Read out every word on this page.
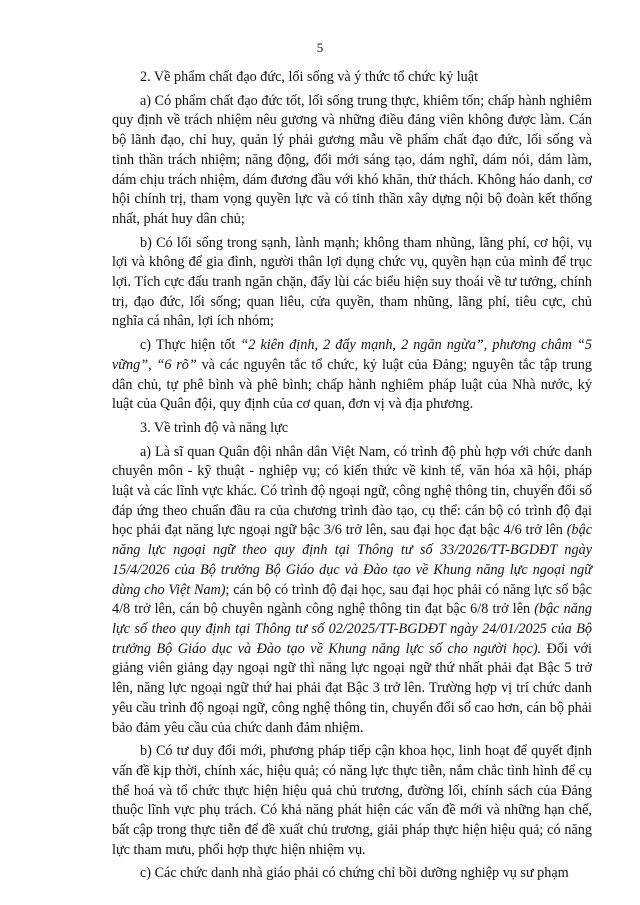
5

2. Về phẩm chất đạo đức, lối sống và ý thức tổ chức kỷ luật

a) Có phẩm chất đạo đức tốt, lối sống trung thực, khiêm tốn; chấp hành nghiêm quy định về trách nhiệm nêu gương và những điều đảng viên không được làm. Cán bộ lãnh đạo, chỉ huy, quản lý phải gương mẫu về phẩm chất đạo đức, lối sống và tinh thần trách nhiệm; năng động, đổi mới sáng tạo, dám nghĩ, dám nói, dám làm, dám chịu trách nhiệm, dám đương đầu với khó khăn, thử thách. Không háo danh, cơ hội chính trị, tham vọng quyền lực và có tinh thần xây dựng nội bộ đoàn kết thống nhất, phát huy dân chủ;

b) Có lối sống trong sạnh, lành mạnh; không tham nhũng, lãng phí, cơ hội, vụ lợi và không để gia đình, người thân lợi dụng chức vụ, quyền hạn của mình để trục lợi. Tích cực đấu tranh ngăn chặn, đẩy lùi các biểu hiện suy thoái về tư tưởng, chính trị, đạo đức, lối sống; quan liêu, cửa quyền, tham nhũng, lãng phí, tiêu cực, chủ nghĩa cá nhân, lợi ích nhóm;

c) Thực hiện tốt “2 kiên định, 2 đẩy mạnh, 2 ngăn ngừa”, phương châm “5 vững”, “6 rõ” và các nguyên tắc tổ chức, kỷ luật của Đảng; nguyên tắc tập trung dân chủ, tự phê bình và phê bình; chấp hành nghiêm pháp luật của Nhà nước, kỷ luật của Quân đội, quy định của cơ quan, đơn vị và địa phương.

3. Về trình độ và năng lực

a) Là sĩ quan Quân đội nhân dân Việt Nam, có trình độ phù hợp với chức danh chuyên môn - kỹ thuật - nghiệp vụ; có kiến thức về kinh tế, văn hóa xã hội, pháp luật và các lĩnh vực khác. Có trình độ ngoại ngữ, công nghệ thông tin, chuyển đổi số đáp ứng theo chuẩn đầu ra của chương trình đào tạo, cụ thể: cán bộ có trình độ đại học phải đạt năng lực ngoại ngữ bậc 3/6 trở lên, sau đại học đạt bậc 4/6 trở lên (bậc năng lực ngoại ngữ theo quy định tại Thông tư số 33/2026/TT-BGDĐT ngày 15/4/2026 của Bộ trưởng Bộ Giáo dục và Đào tạo về Khung năng lực ngoại ngữ dùng cho Việt Nam); cán bộ có trình độ đại học, sau đại học phải có năng lực số bậc 4/8 trở lên, cán bộ chuyên ngành công nghệ thông tin đạt bậc 6/8 trở lên (bậc năng lực số theo quy định tại Thông tư số 02/2025/TT-BGDĐT ngày 24/01/2025 của Bộ trưởng Bộ Giáo dục và Đào tạo về Khung năng lực số cho người học). Đối với giảng viên giảng dạy ngoại ngữ thì năng lực ngoại ngữ thứ nhất phải đạt Bậc 5 trở lên, năng lực ngoại ngữ thứ hai phải đạt Bậc 3 trở lên. Trường hợp vị trí chức danh yêu cầu trình độ ngoại ngữ, công nghệ thông tin, chuyển đổi số cao hơn, cán bộ phải bảo đảm yêu cầu của chức danh đảm nhiệm.

b) Có tư duy đổi mới, phương pháp tiếp cận khoa học, linh hoạt để quyết định vấn đề kịp thời, chính xác, hiệu quả; có năng lực thực tiễn, nắm chắc tình hình để cụ thể hoá và tổ chức thực hiện hiệu quả chủ trương, đường lối, chính sách của Đảng thuộc lĩnh vực phụ trách. Có khả năng phát hiện các vấn đề mới và những hạn chế, bất cập trong thực tiễn để đề xuất chủ trương, giải pháp thực hiện hiệu quả; có năng lực tham mưu, phối hợp thực hiện nhiệm vụ.

c) Các chức danh nhà giáo phải có chứng chỉ bồi dưỡng nghiệp vụ sư phạm
